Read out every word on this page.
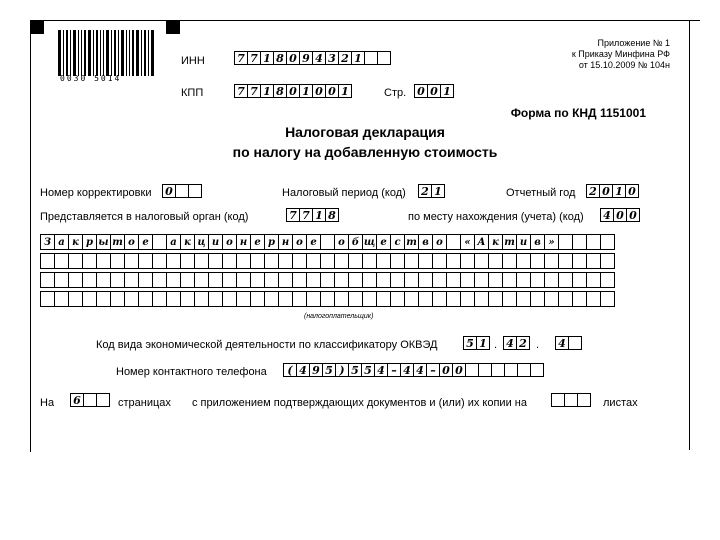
0030 5014
ИНН	7 7 1 8 0 9 4 3 2 1
КПП	7 7 1 8 0 1 0 0 1	Стр. 0 0 1
Приложение № 1
к Приказу Минфина РФ
от 15.10.2009 № 104н
Форма по КНД 1151001
Налоговая декларация
по налогу на добавленную стоимость
Номер корректировки 0	Налоговый период (код) 2 1	Отчетный год 2 0 1 0
Представляется в налоговый орган (код)	7 7 1 8	по месту нахождения (учета) (код) 4 0 0
З а к р ы т о е	а к ц и о н е р н о е	о б щ е с т в о	« А к т и в »
(налогоплательщик)
Код вида экономической деятельности по классификатору ОКВЭД	5 1 . 4 2 . 4
Номер контактного телефона	( 4 9 5 ) 5 5 4 – 4 4 – 0 0
На 6	страницах с приложением подтверждающих документов и (или) их копии на	листах
